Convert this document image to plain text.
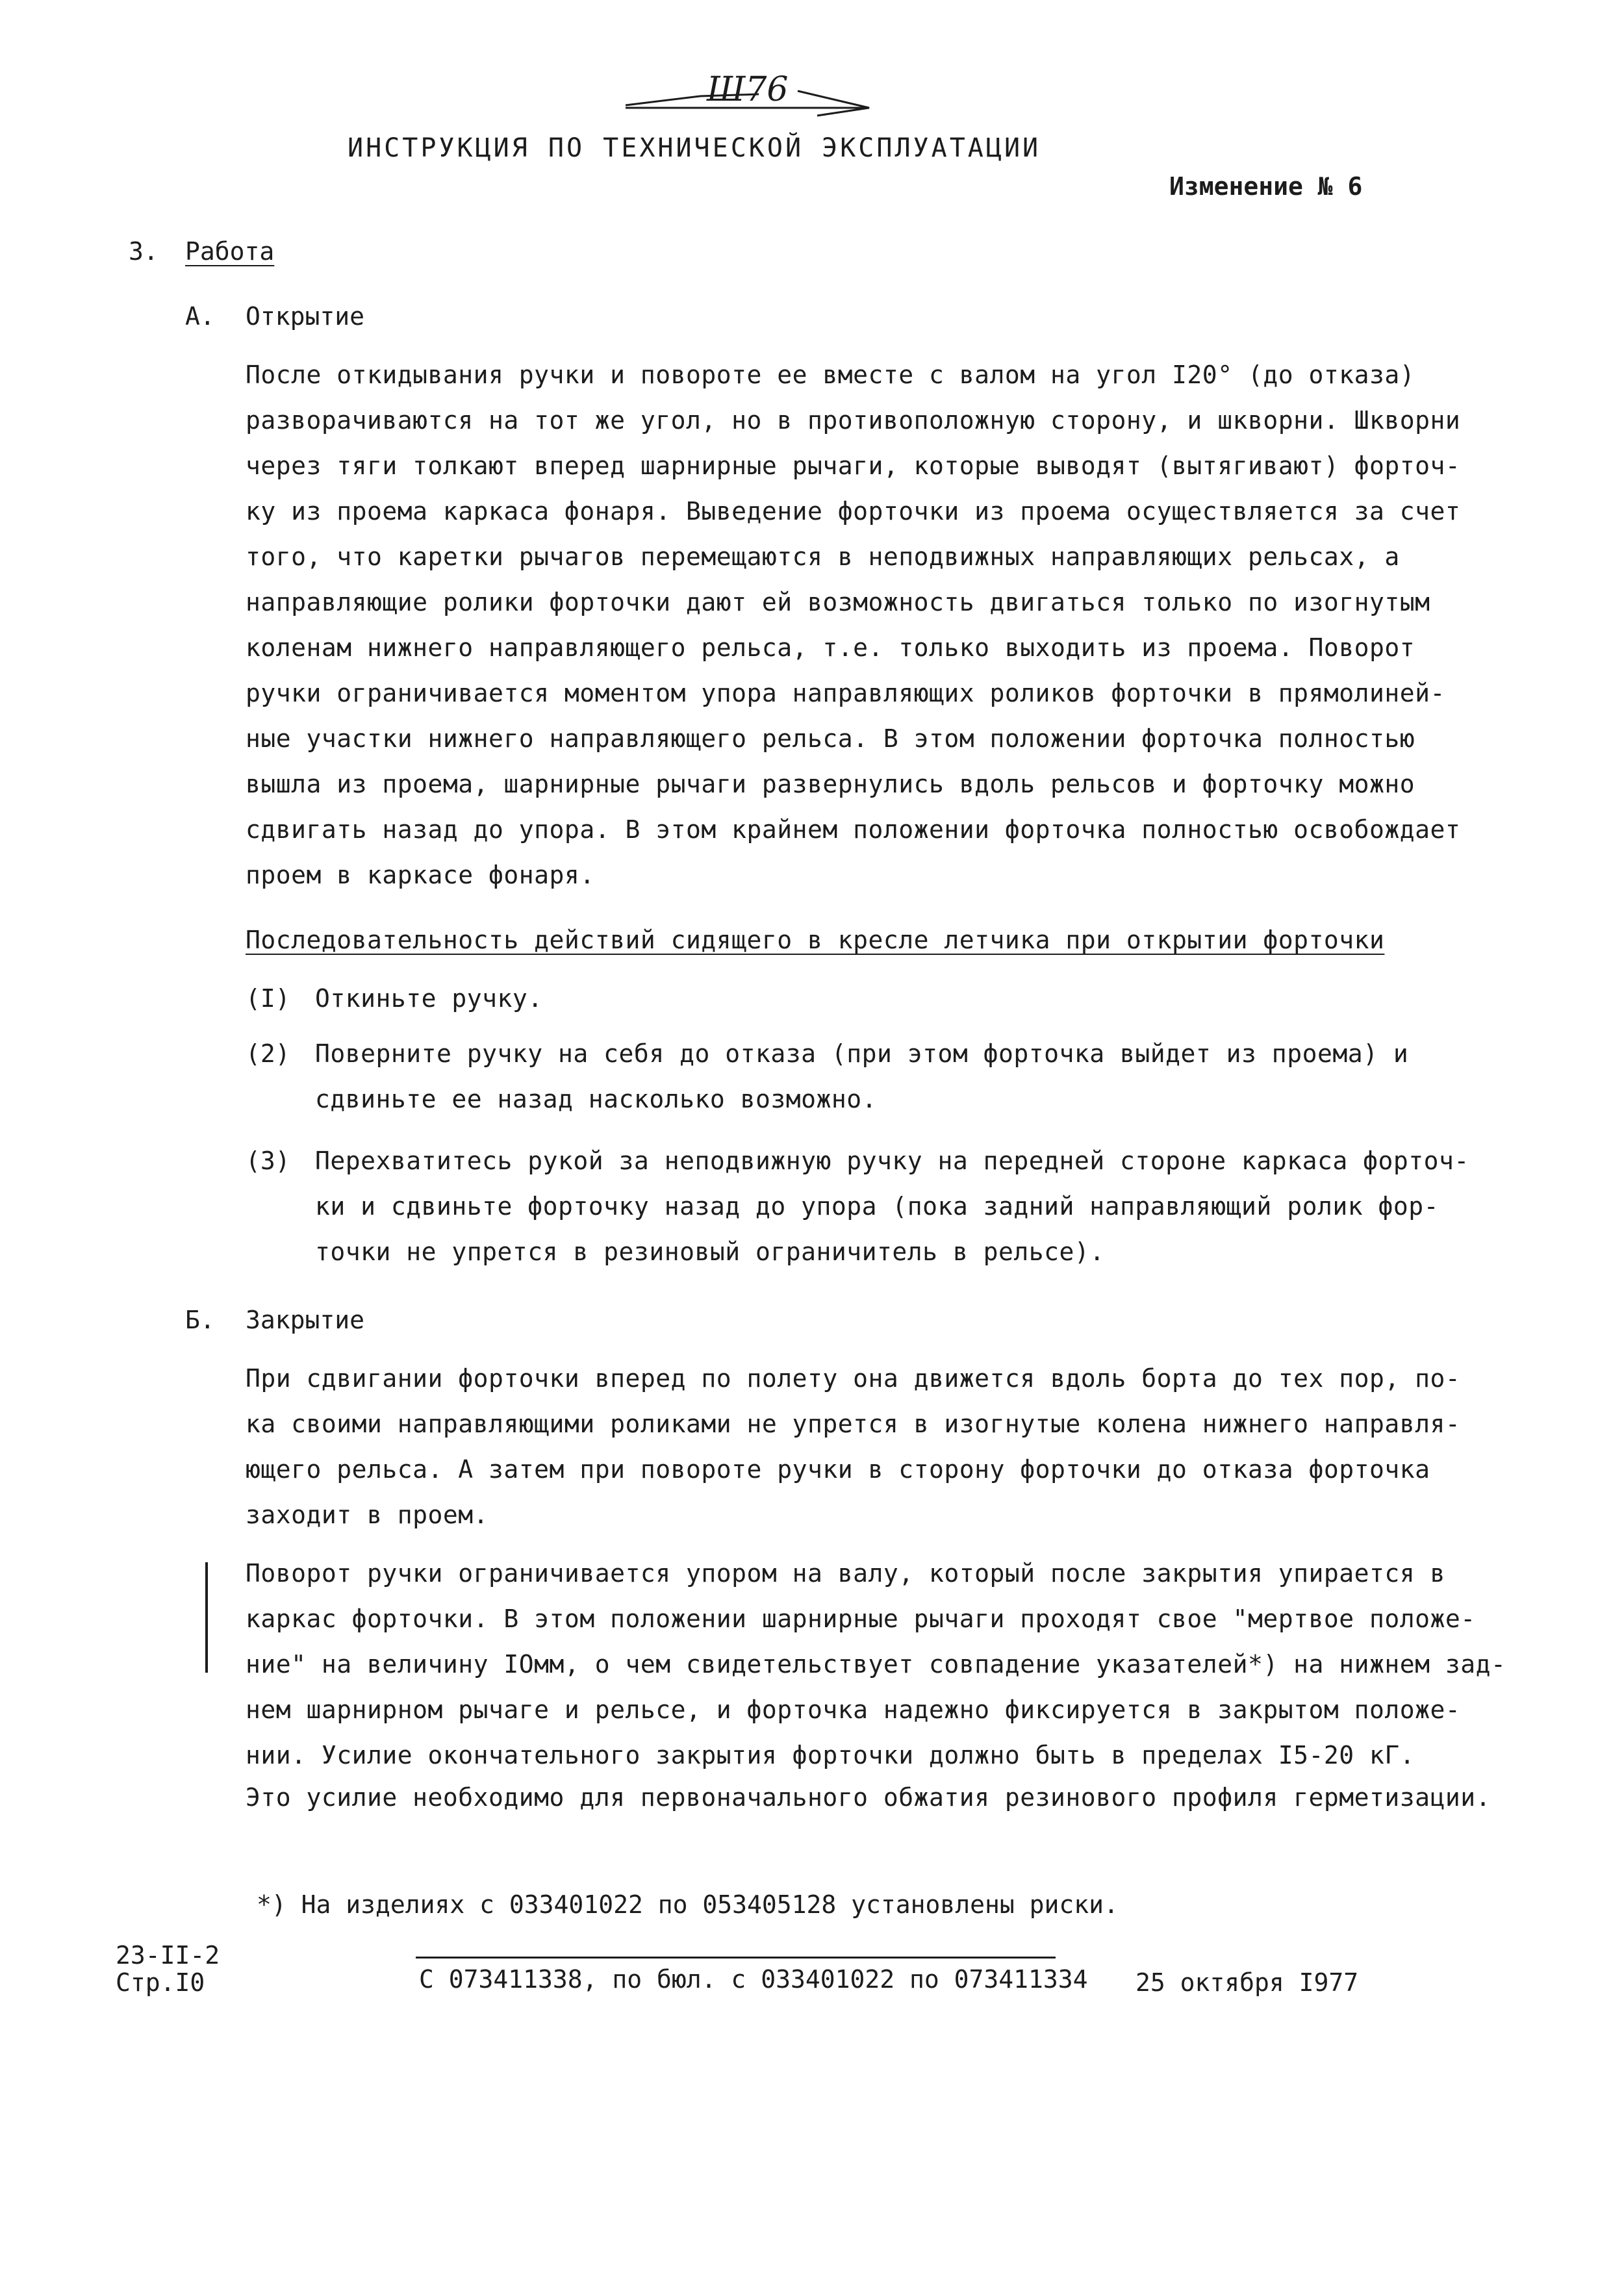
Ш76
ИНСТРУКЦИЯ ПО ТЕХНИЧЕСКОЙ ЭКСПЛУАТАЦИИ
Изменение № 6
3. Работа
А. Открытие
После откидывания ручки и повороте ее вместе с валом на угол I20° (до отказа)
разворачиваются на тот же угол, но в противоположную сторону, и шкворни. Шкворни
через тяги толкают вперед шарнирные рычаги, которые выводят (вытягивают) форточ-
ку из проема каркаса фонаря. Выведение форточки из проема осуществляется за счет
того, что каретки рычагов перемещаются в неподвижных направляющих рельсах, а
направляющие ролики форточки дают ей возможность двигаться только по изогнутым
коленам нижнего направляющего рельса, т.е. только выходить из проема. Поворот
ручки ограничивается моментом упора направляющих роликов форточки в прямолиней-
ные участки нижнего направляющего рельса. В этом положении форточка полностью
вышла из проема, шарнирные рычаги развернулись вдоль рельсов и форточку можно
сдвигать назад до упора. В этом крайнем положении форточка полностью освобождает
проем в каркасе фонаря.
Последовательность действий сидящего в кресле летчика при открытии форточки
(I) Откиньте ручку.
(2) Поверните ручку на себя до отказа (при этом форточка выйдет из проема) и
сдвиньте ее назад насколько возможно.
(3) Перехватитесь рукой за неподвижную ручку на передней стороне каркаса форточ-
ки и сдвиньте форточку назад до упора (пока задний направляющий ролик фор-
точки не упрется в резиновый ограничитель в рельсе).
Б. Закрытие
При сдвигании форточки вперед по полету она движется вдоль борта до тех пор, по-
ка своими направляющими роликами не упрется в изогнутые колена нижнего направля-
ющего рельса. А затем при повороте ручки в сторону форточки до отказа форточка
заходит в проем.
Поворот ручки ограничивается упором на валу, который после закрытия упирается в
каркас форточки. В этом положении шарнирные рычаги проходят свое "мертвое положе-
ние" на величину IОмм, о чем свидетельствует совпадение указателей*) на нижнем зад-
нем шарнирном рычаге и рельсе, и форточка надежно фиксируется в закрытом положе-
нии. Усилие окончательного закрытия форточки должно быть в пределах I5-20 кГ.
Это усилие необходимо для первоначального обжатия резинового профиля герметизации.
*) На изделиях с 033401022 по 053405128 установлены риски.
23-II-2
Стр.I0	С 073411338, по бюл. с 033401022 по 073411334 25 октября I977
